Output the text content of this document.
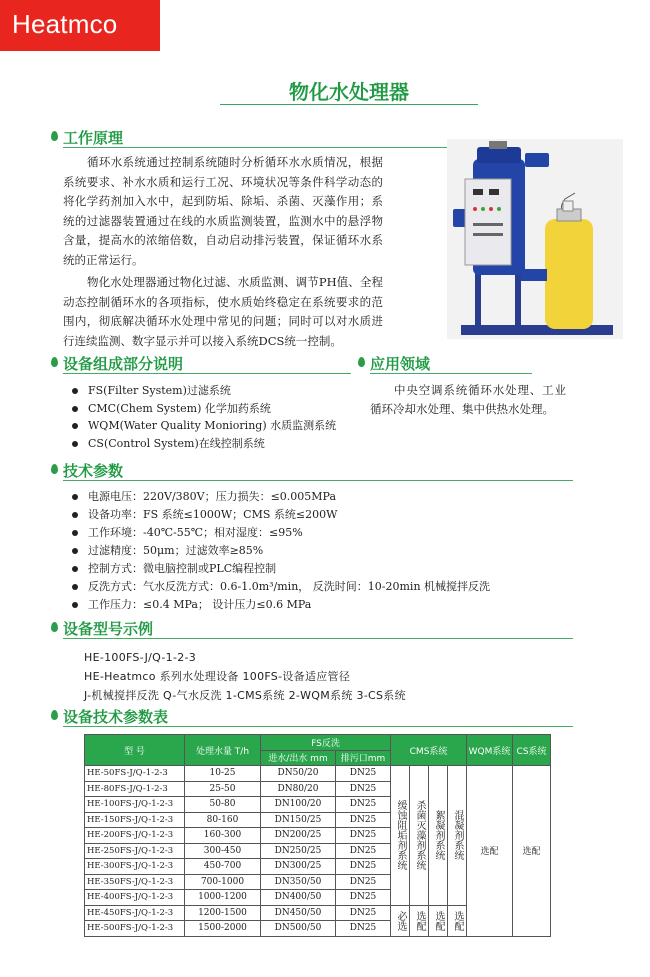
Heatmco
物化水处理器
工作原理

循环水系统通过控制系统随时分析循环水水质情况，根据系统要求、补水水质和运行工况、环境状况等条件科学动态的将化学药剂加入水中，起到防垢、除垢、杀菌、灭藻作用；系统的过滤器装置通过在线的水质监测装置，监测水中的悬浮物含量，提高水的浓缩倍数，自动启动排污装置，保证循环水系统的正常运行。

物化水处理器通过物化过滤、水质监测、调节PH值、全程动态控制循环水的各项指标，使水质始终稳定在系统要求的范围内，彻底解决循环水处理中常见的问题；同时可以对水质进行连续监测、数字显示并可以接入系统DCS统一控制。

设备组成部分说明
FS(Filter System)过滤系统
CMC(Chem System) 化学加药系统
WQM(Water Quality Monioring) 水质监测系统
CS(Control System)在线控制系统
应用领域

中央空调系统循环水处理、工业循环冷却水处理、集中供热水处理。

技术参数
电源电压：220V/380V；压力损失：≤0.005MPa
设备功率：FS 系统≤1000W；CMS 系统≤200W
工作环境：-40℃-55℃；相对湿度：≤95%
过滤精度：50μm；过滤效率≥85%
控制方式：微电脑控制或PLC编程控制
反洗方式：气水反洗方式：0.6-1.0m³/min， 反洗时间：10-20min 机械搅拌反洗
工作压力：≤0.4 MPa； 设计压力≤0.6 MPa
设备型号示例
HE-100FS-J/Q-1-2-3
HE-Heatmco 系列水处理设备 100FS-设备适应管径
J-机械搅拌反洗 Q-气水反洗 1-CMS系统 2-WQM系统 3-CS系统
设备技术参数表
型 号	处理水量 T/h	FS反洗		CMS系统				WQM系统	CS系统
		进水/出水 mm	排污口mm						
HE-50FS-J/Q-1-2-3	10-25	DN50/20	DN25	缓蚀阻垢剂系统	杀菌灭藻剂系统	絮凝剂系统	混凝剂系统	选配	选配
HE-80FS-J/Q-1-2-3	25-50	DN80/20	DN25						
HE-100FS-J/Q-1-2-3	50-80	DN100/20	DN25						
HE-150FS-J/Q-1-2-3	80-160	DN150/25	DN25						
HE-200FS-J/Q-1-2-3	160-300	DN200/25	DN25						
HE-250FS-J/Q-1-2-3	300-450	DN250/25	DN25						
HE-300FS-J/Q-1-2-3	450-700	DN300/25	DN25						
HE-350FS-J/Q-1-2-3	700-1000	DN350/50	DN25						
HE-400FS-J/Q-1-2-3	1000-1200	DN400/50	DN25						
HE-450FS-J/Q-1-2-3	1200-1500	DN450/50	DN25	必选	选配	选配	选配		

HE-500FS-J/Q-1-2-3	1500-2000	DN500/50	DN25						
